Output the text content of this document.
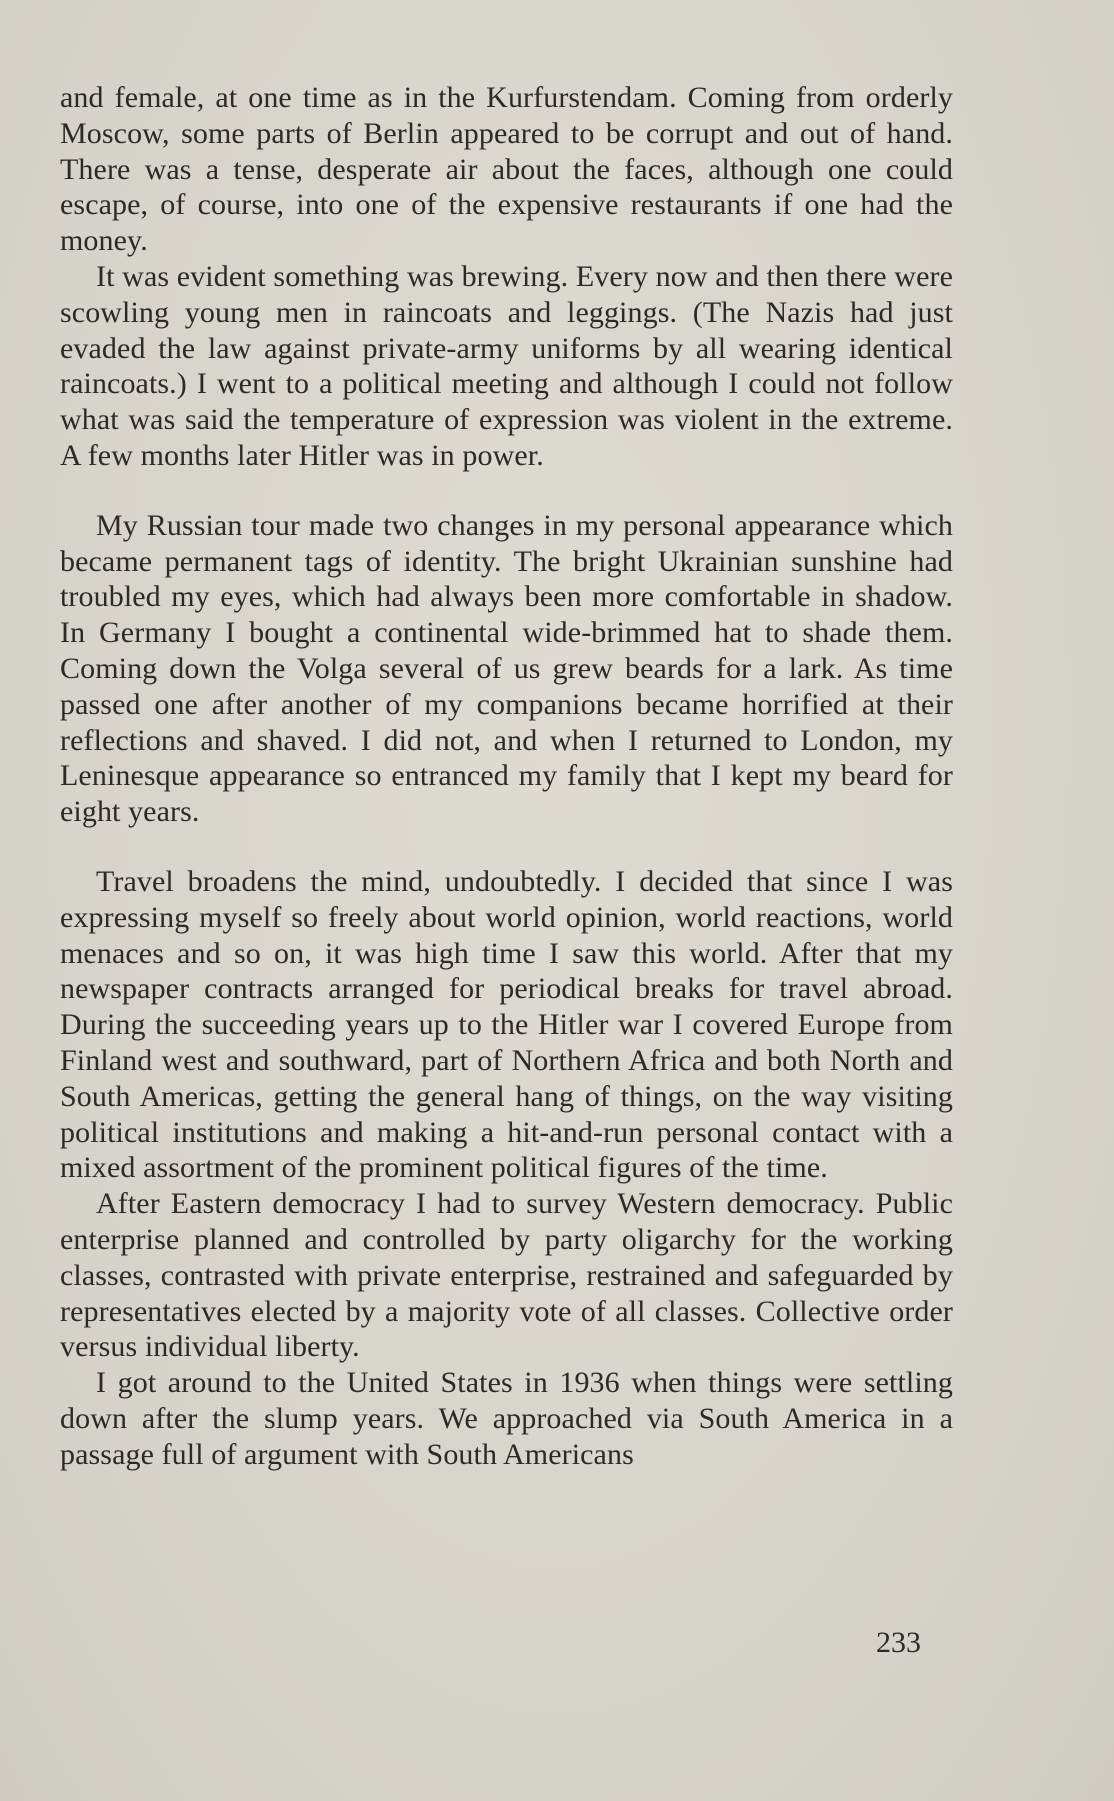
and female, at one time as in the Kurfurstendam. Coming from orderly Moscow, some parts of Berlin appeared to be corrupt and out of hand. There was a tense, desperate air about the faces, although one could escape, of course, into one of the expensive restaurants if one had the money.

It was evident something was brewing. Every now and then there were scowling young men in raincoats and leggings. (The Nazis had just evaded the law against private-army uniforms by all wearing identical raincoats.) I went to a political meeting and although I could not follow what was said the temperature of expression was violent in the extreme. A few months later Hitler was in power.

My Russian tour made two changes in my personal appearance which became permanent tags of identity. The bright Ukrainian sunshine had troubled my eyes, which had always been more comfortable in shadow. In Germany I bought a continental wide-brimmed hat to shade them. Coming down the Volga several of us grew beards for a lark. As time passed one after another of my companions became horrified at their reflections and shaved. I did not, and when I returned to London, my Leninesque appearance so entranced my family that I kept my beard for eight years.

Travel broadens the mind, undoubtedly. I decided that since I was expressing myself so freely about world opinion, world reactions, world menaces and so on, it was high time I saw this world. After that my newspaper contracts arranged for periodical breaks for travel abroad. During the succeeding years up to the Hitler war I covered Europe from Finland west and southward, part of Northern Africa and both North and South Americas, getting the general hang of things, on the way visiting political institutions and making a hit-and-run personal contact with a mixed assortment of the prominent political figures of the time.

After Eastern democracy I had to survey Western democracy. Public enterprise planned and controlled by party oligarchy for the working classes, contrasted with private enterprise, restrained and safeguarded by representatives elected by a majority vote of all classes. Collective order versus individual liberty.

I got around to the United States in 1936 when things were settling down after the slump years. We approached via South America in a passage full of argument with South Americans

233
